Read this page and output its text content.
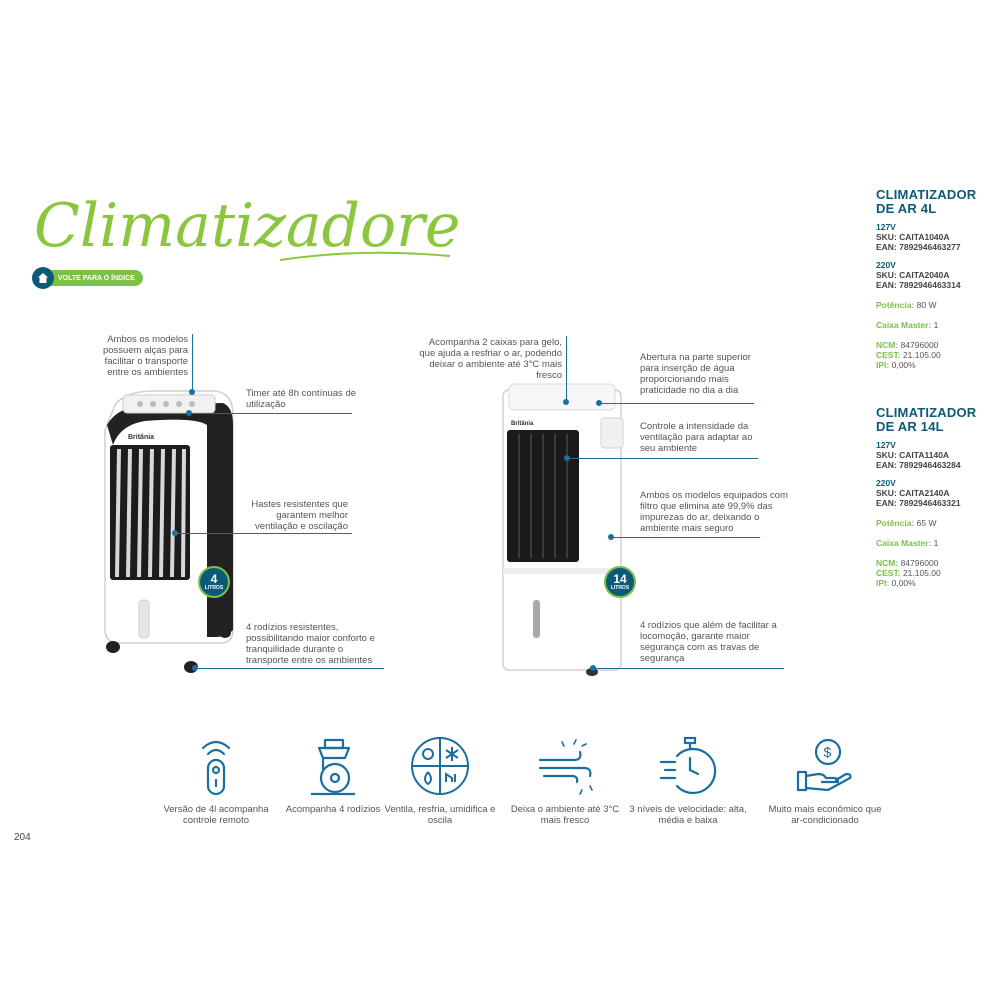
Climatizadores
VOLTE PARA O ÍNDICE
Britânia
Britânia
4
LITROS
14
LITROS
Ambos os modelos possuem alças para facilitar o transporte entre os ambientes
Timer até 8h contínuas de utilização
Hastes resistentes que garantem melhor ventilação e oscilação
4 rodízios resistentes, possibilitando maior conforto e tranquilidade durante o transporte entre os ambientes
Acompanha 2 caixas para gelo, que ajuda a resfriar o ar, podendo deixar o ambiente até 3°C mais fresco
Abertura na parte superior para inserção de água proporcionando mais praticidade no dia a dia
Controle a intensidade da ventilação para adaptar ao seu ambiente
Ambos os modelos equipados com filtro que elimina até 99,9% das impurezas do ar, deixando o ambiente mais seguro
4 rodízios que além de facilitar a locomoção, garante maior segurança com as travas de segurança
CLIMATIZADOR DE AR 4L

127V

SKU: CAITA1040A

EAN: 7892946463277

220V

SKU: CAITA2040A

EAN: 7892946463314

Potência: 80 W

Caixa Master: 1

NCM: 84796000

CEST: 21.105.00

IPI: 0,00%

CLIMATIZADOR DE AR 14L

127V

SKU: CAITA1140A

EAN: 7892946463284

220V

SKU: CAITA2140A

EAN: 7892946463321

Potência: 65 W

Caixa Master: 1

NCM: 84796000

CEST: 21.105.00

IPI: 0,00%

Versão de 4l acompanha controle remoto
Acompanha 4 rodízios Ventila, resfria, umidifica e oscila
Deixa o ambiente até 3°C mais fresco
3 níveis de velocidade: alta, média e baixa
$
Muito mais econômico que ar-condicionado
204
